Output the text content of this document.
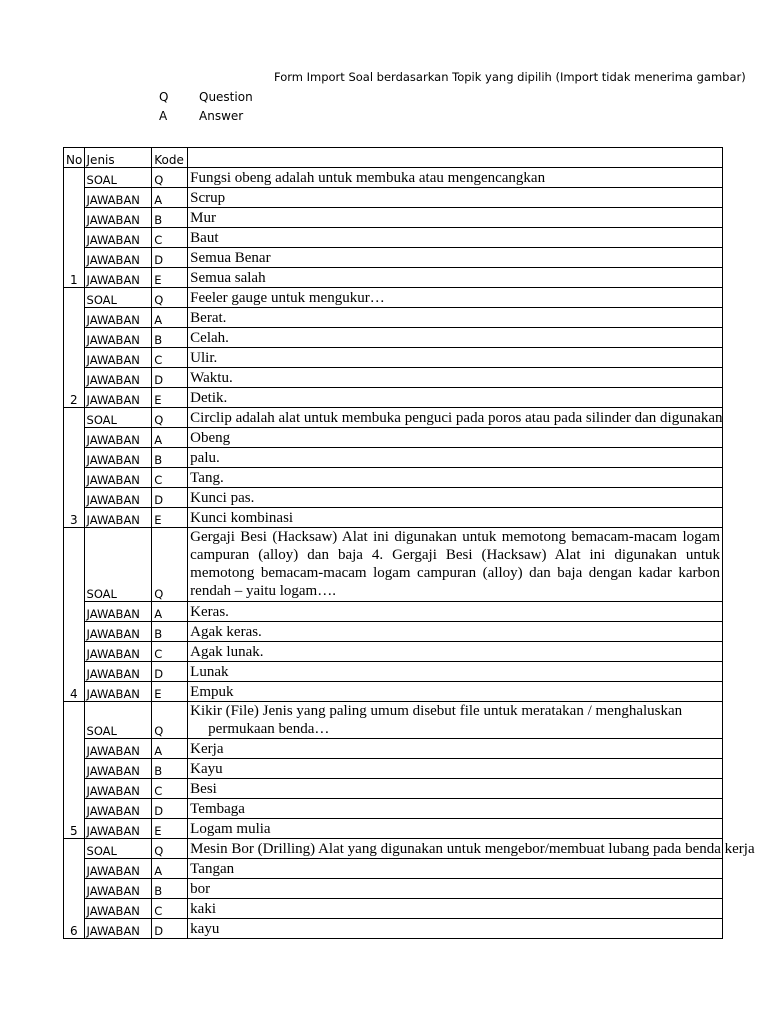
Form Import Soal berdasarkan Topik yang dipilih (Import tidak menerima gambar)
Q	Question
A	Answer
No	Jenis	Kode	
1	SOAL	Q	Fungsi obeng adalah untuk membuka atau mengencangkan
	JAWABAN	A	Scrup
	JAWABAN	B	Mur
	JAWABAN	C	Baut
	JAWABAN	D	Semua Benar
	JAWABAN	E	Semua salah
2	SOAL	Q	Feeler gauge untuk mengukur…
	JAWABAN	A	Berat.
	JAWABAN	B	Celah.
	JAWABAN	C	Ulir.
	JAWABAN	D	Waktu.
	JAWABAN	E	Detik.
3	SOAL	Q	Circlip adalah alat untuk membuka penguci pada poros atau pada silinder dan digunakan
	JAWABAN	A	Obeng
	JAWABAN	B	palu.
	JAWABAN	C	Tang.
	JAWABAN	D	Kunci pas.
	JAWABAN	E	Kunci kombinasi
4	SOAL	Q	Gergaji Besi (Hacksaw) Alat ini digunakan untuk memotong bemacam-macam logam campuran (alloy) dan baja 4. Gergaji Besi (Hacksaw) Alat ini digunakan untuk memotong bemacam-macam logam campuran (alloy) dan baja dengan kadar karbon rendah – yaitu logam….
	JAWABAN	A	Keras.
	JAWABAN	B	Agak keras.
	JAWABAN	C	Agak lunak.
	JAWABAN	D	Lunak
	JAWABAN	E	Empuk
5	SOAL	Q	Kikir (File) Jenis yang paling umum disebut file untuk meratakan / menghaluskan
permukaan benda…

	JAWABAN	A	Kerja
	JAWABAN	B	Kayu
	JAWABAN	C	Besi
	JAWABAN	D	Tembaga
	JAWABAN	E	Logam mulia
6	SOAL	Q	Mesin Bor (Drilling) Alat yang digunakan untuk mengebor/membuat lubang pada benda kerja
	JAWABAN	A	Tangan
	JAWABAN	B	bor
	JAWABAN	C	kaki
	JAWABAN	D	kayu
